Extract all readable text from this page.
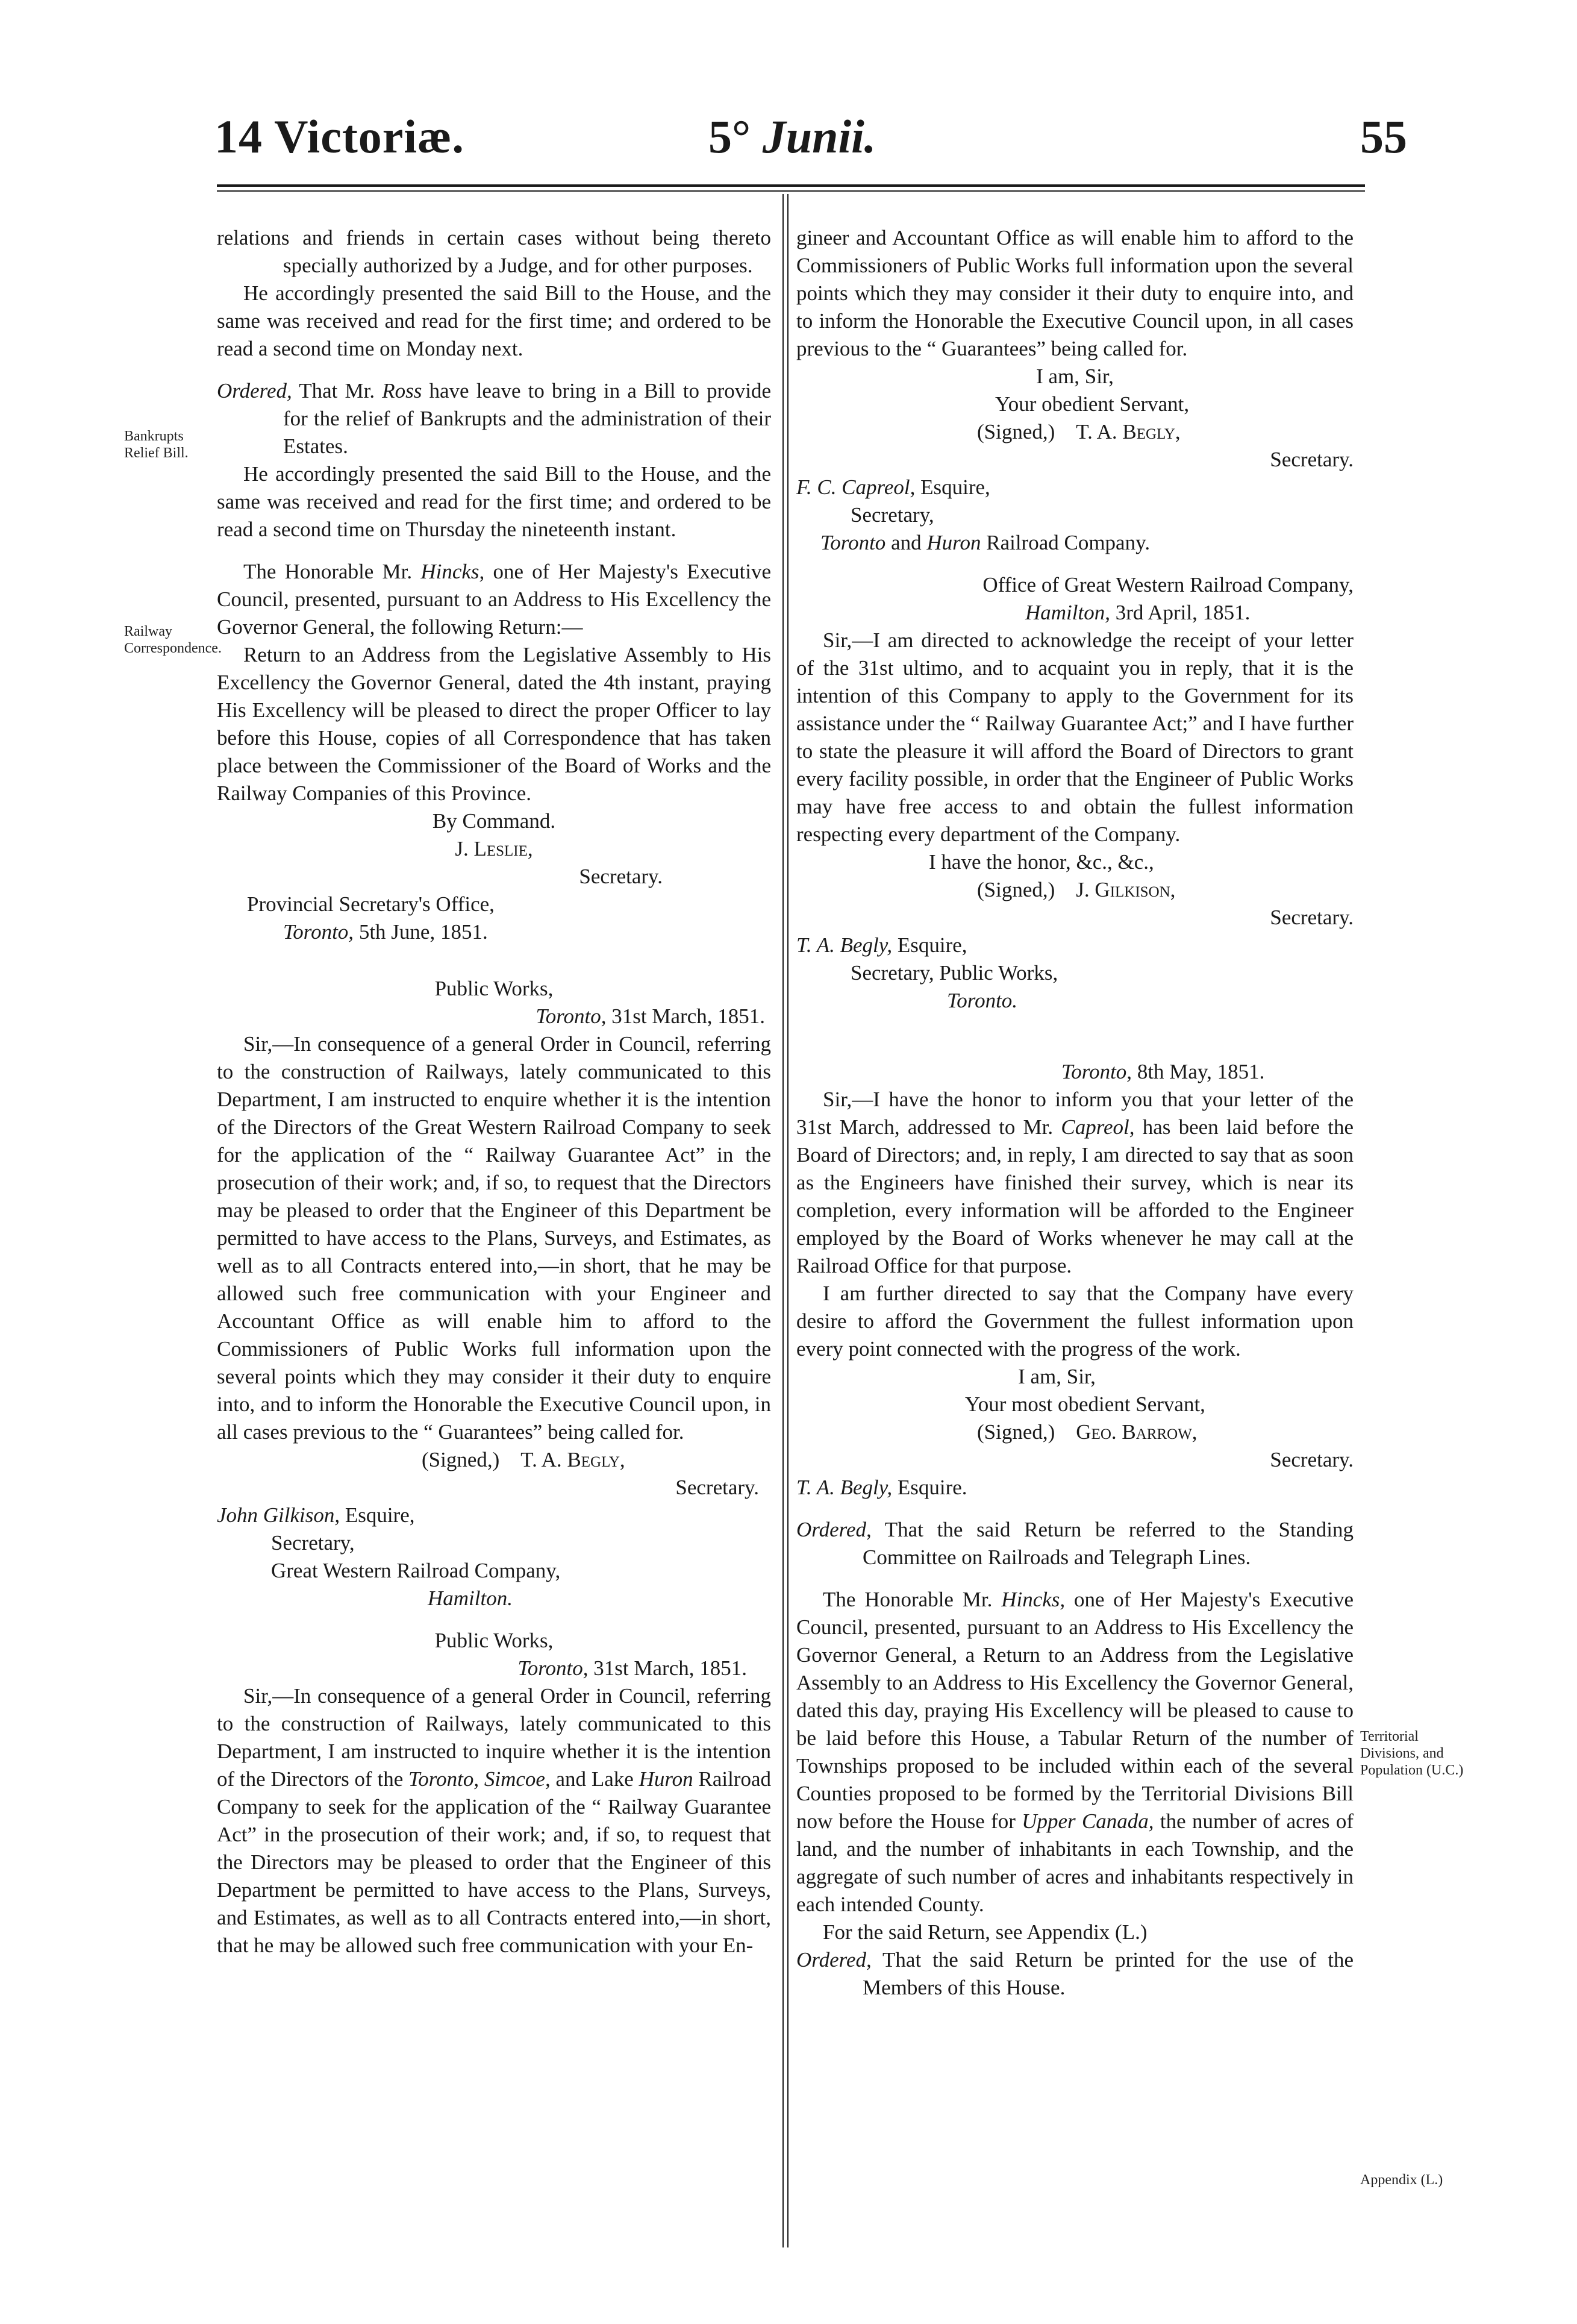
14 Victoriæ.	5° Junii.	55
Bankrupts Relief Bill.
Railway Correspondence.
Territorial Divisions, and Population (U.C.)
Appendix (L.)

relations and friends in certain cases without being thereto specially authorized by a Judge, and for other purposes.

He accordingly presented the said Bill to the House, and the same was received and read for the first time; and ordered to be read a second time on Monday next.

Ordered, That Mr. Ross have leave to bring in a Bill to provide for the relief of Bankrupts and the administration of their Estates.

He accordingly presented the said Bill to the House, and the same was received and read for the first time; and ordered to be read a second time on Thursday the nineteenth instant.

The Honorable Mr. Hincks, one of Her Majesty's Executive Council, presented, pursuant to an Address to His Excellency the Governor General, the following Return:—

Return to an Address from the Legislative Assembly to His Excellency the Governor General, dated the 4th instant, praying His Excellency will be pleased to direct the proper Officer to lay before this House, copies of all Correspondence that has taken place between the Commissioner of the Board of Works and the Railway Companies of this Province.

By Command.

J. Leslie,

Secretary.

Provincial Secretary's Office,

Toronto, 5th June, 1851.

Public Works,

Toronto, 31st March, 1851.

Sir,—In consequence of a general Order in Council, referring to the construction of Railways, lately communicated to this Department, I am instructed to enquire whether it is the intention of the Directors of the Great Western Railroad Company to seek for the application of the “ Railway Guarantee Act” in the prosecution of their work; and, if so, to request that the Directors may be pleased to order that the Engineer of this Department be permitted to have access to the Plans, Surveys, and Estimates, as well as to all Contracts entered into,—in short, that he may be allowed such free communication with your Engineer and Accountant Office as will enable him to afford to the Commissioners of Public Works full information upon the several points which they may consider it their duty to enquire into, and to inform the Honorable the Executive Council upon, in all cases previous to the “ Guarantees” being called for.

(Signed,) T. A. Begly,

Secretary.

John Gilkison, Esquire,

Secretary,

Great Western Railroad Company,

Hamilton.

Public Works,

Toronto, 31st March, 1851.

Sir,—In consequence of a general Order in Council, referring to the construction of Railways, lately communicated to this Department, I am instructed to inquire whether it is the intention of the Directors of the Toronto, Simcoe, and Lake Huron Railroad Company to seek for the application of the “ Railway Guarantee Act” in the prosecution of their work; and, if so, to request that the Directors may be pleased to order that the Engineer of this Department be permitted to have access to the Plans, Surveys, and Estimates, as well as to all Contracts entered into,—in short, that he may be allowed such free communication with your En-

gineer and Accountant Office as will enable him to afford to the Commissioners of Public Works full information upon the several points which they may consider it their duty to enquire into, and to inform the Honorable the Executive Council upon, in all cases previous to the “ Guarantees” being called for.

I am, Sir,

Your obedient Servant,

(Signed,) T. A. Begly,

Secretary.

F. C. Capreol, Esquire,

Secretary,

Toronto and Huron Railroad Company.

Office of Great Western Railroad Company,

Hamilton, 3rd April, 1851.

Sir,—I am directed to acknowledge the receipt of your letter of the 31st ultimo, and to acquaint you in reply, that it is the intention of this Company to apply to the Government for its assistance under the “ Railway Guarantee Act;” and I have further to state the pleasure it will afford the Board of Directors to grant every facility possible, in order that the Engineer of Public Works may have free access to and obtain the fullest information respecting every department of the Company.

I have the honor, &c., &c.,

(Signed,) J. Gilkison,

Secretary.

T. A. Begly, Esquire,

Secretary, Public Works,

Toronto.

Toronto, 8th May, 1851.

Sir,—I have the honor to inform you that your letter of the 31st March, addressed to Mr. Capreol, has been laid before the Board of Directors; and, in reply, I am directed to say that as soon as the Engineers have finished their survey, which is near its completion, every information will be afforded to the Engineer employed by the Board of Works whenever he may call at the Railroad Office for that purpose.

I am further directed to say that the Company have every desire to afford the Government the fullest information upon every point connected with the progress of the work.

I am, Sir,

Your most obedient Servant,

(Signed,) Geo. Barrow,

Secretary.

T. A. Begly, Esquire.

Ordered, That the said Return be referred to the Standing Committee on Railroads and Telegraph Lines.

The Honorable Mr. Hincks, one of Her Majesty's Executive Council, presented, pursuant to an Address to His Excellency the Governor General, a Return to an Address from the Legislative Assembly to an Address to His Excellency the Governor General, dated this day, praying His Excellency will be pleased to cause to be laid before this House, a Tabular Return of the number of Townships proposed to be included within each of the several Counties proposed to be formed by the Territorial Divisions Bill now before the House for Upper Canada, the number of acres of land, and the number of inhabitants in each Township, and the aggregate of such number of acres and inhabitants respectively in each intended County.

For the said Return, see Appendix (L.)

Ordered, That the said Return be printed for the use of the Members of this House.
